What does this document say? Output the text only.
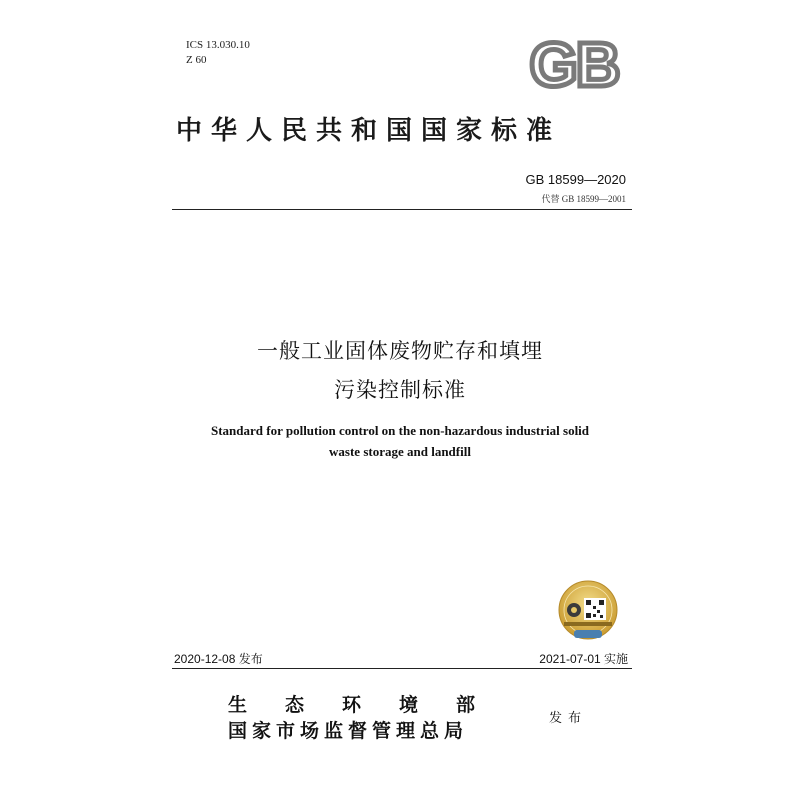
ICS 13.030.10
Z 60	GB
中华人民共和国国家标准
GB 18599—2020
代替 GB 18599—2001
一般工业固体废物贮存和填埋
污染控制标准
Standard for pollution control on the non-hazardous industrial solid
waste storage and landfill
2020-12-08 发布	2021-07-01 实施
生态环境部
国家市场监督管理总局
发布
